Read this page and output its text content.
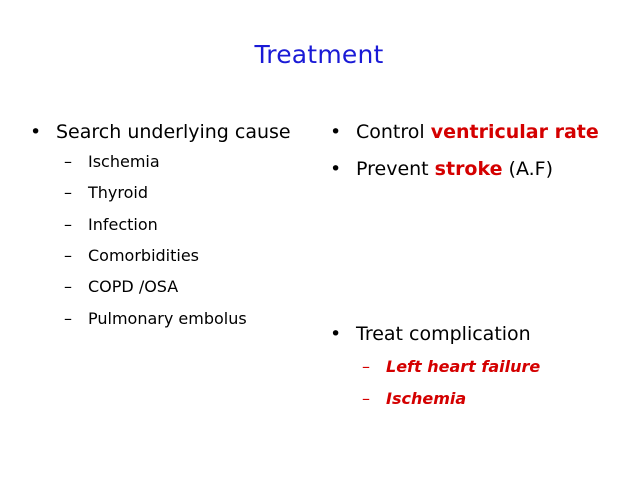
Treatment
• Search underlying cause
– Ischemia
– Thyroid
– Infection
– Comorbidities
– COPD /OSA
– Pulmonary embolus
• Control ventricular rate
• Prevent stroke (A.F)
• Treat complication
– Left heart failure
– Ischemia
